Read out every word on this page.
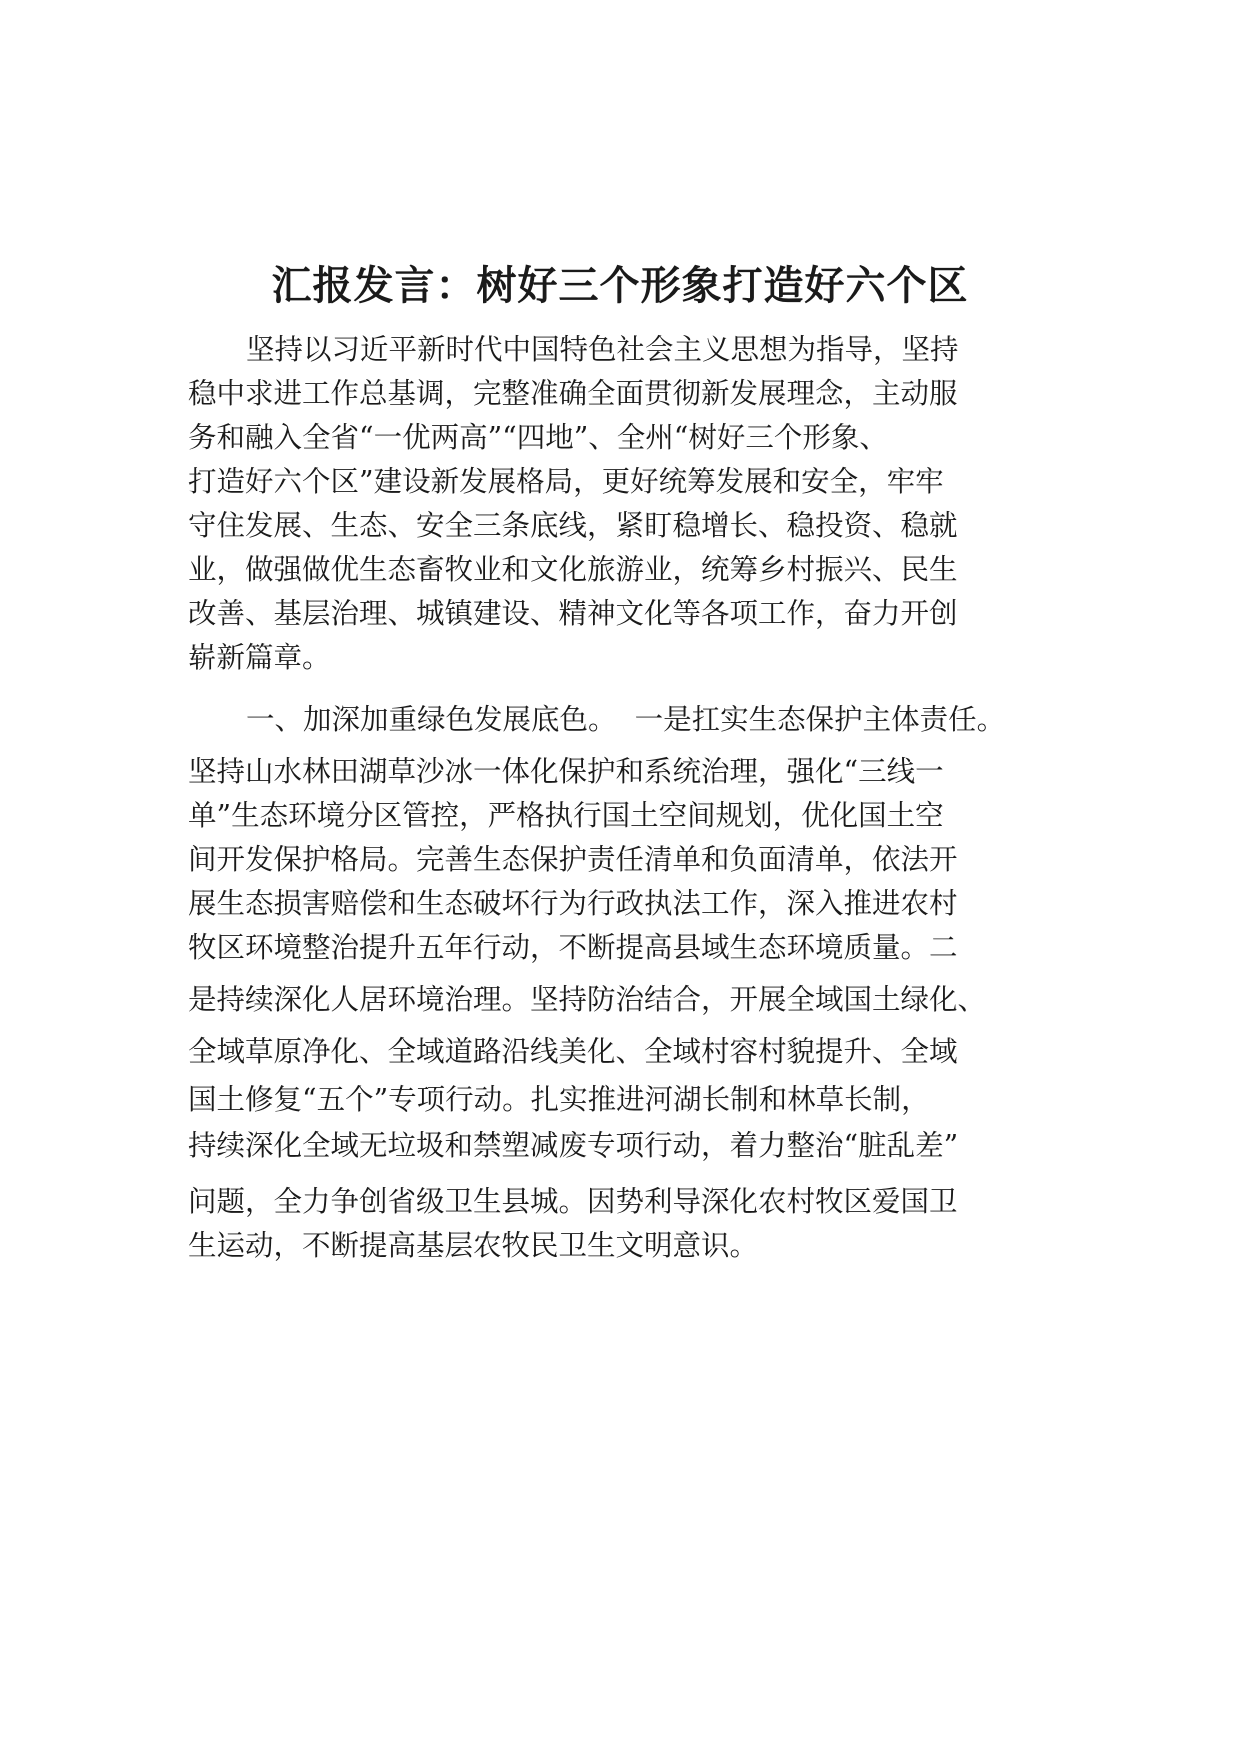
汇报发言：树好三个形象打造好六个区

坚持以习近平新时代中国特色社会主义思想为指导，坚持

稳中求进工作总基调，完整准确全面贯彻新发展理念，主动服

务和融入全省“一优两高”“四地”、全州“树好三个形象、

打造好六个区”建设新发展格局，更好统筹发展和安全，牢牢

守住发展、生态、安全三条底线，紧盯稳增长、稳投资、稳就

业，做强做优生态畜牧业和文化旅游业，统筹乡村振兴、民生

改善、基层治理、城镇建设、精神文化等各项工作，奋力开创

崭新篇章。

一、加深加重绿色发展底色。  一是扛实生态保护主体责任。

坚持山水林田湖草沙冰一体化保护和系统治理，强化“三线一

单”生态环境分区管控，严格执行国土空间规划，优化国土空

间开发保护格局。完善生态保护责任清单和负面清单，依法开

展生态损害赔偿和生态破坏行为行政执法工作，深入推进农村

牧区环境整治提升五年行动，不断提高县域生态环境质量。二

是持续深化人居环境治理。坚持防治结合，开展全域国土绿化、

全域草原净化、全域道路沿线美化、全域村容村貌提升、全域

国土修复“五个”专项行动。扎实推进河湖长制和林草长制，

持续深化全域无垃圾和禁塑减废专项行动，着力整治“脏乱差”

问题，全力争创省级卫生县城。因势利导深化农村牧区爱国卫

生运动，不断提高基层农牧民卫生文明意识。
